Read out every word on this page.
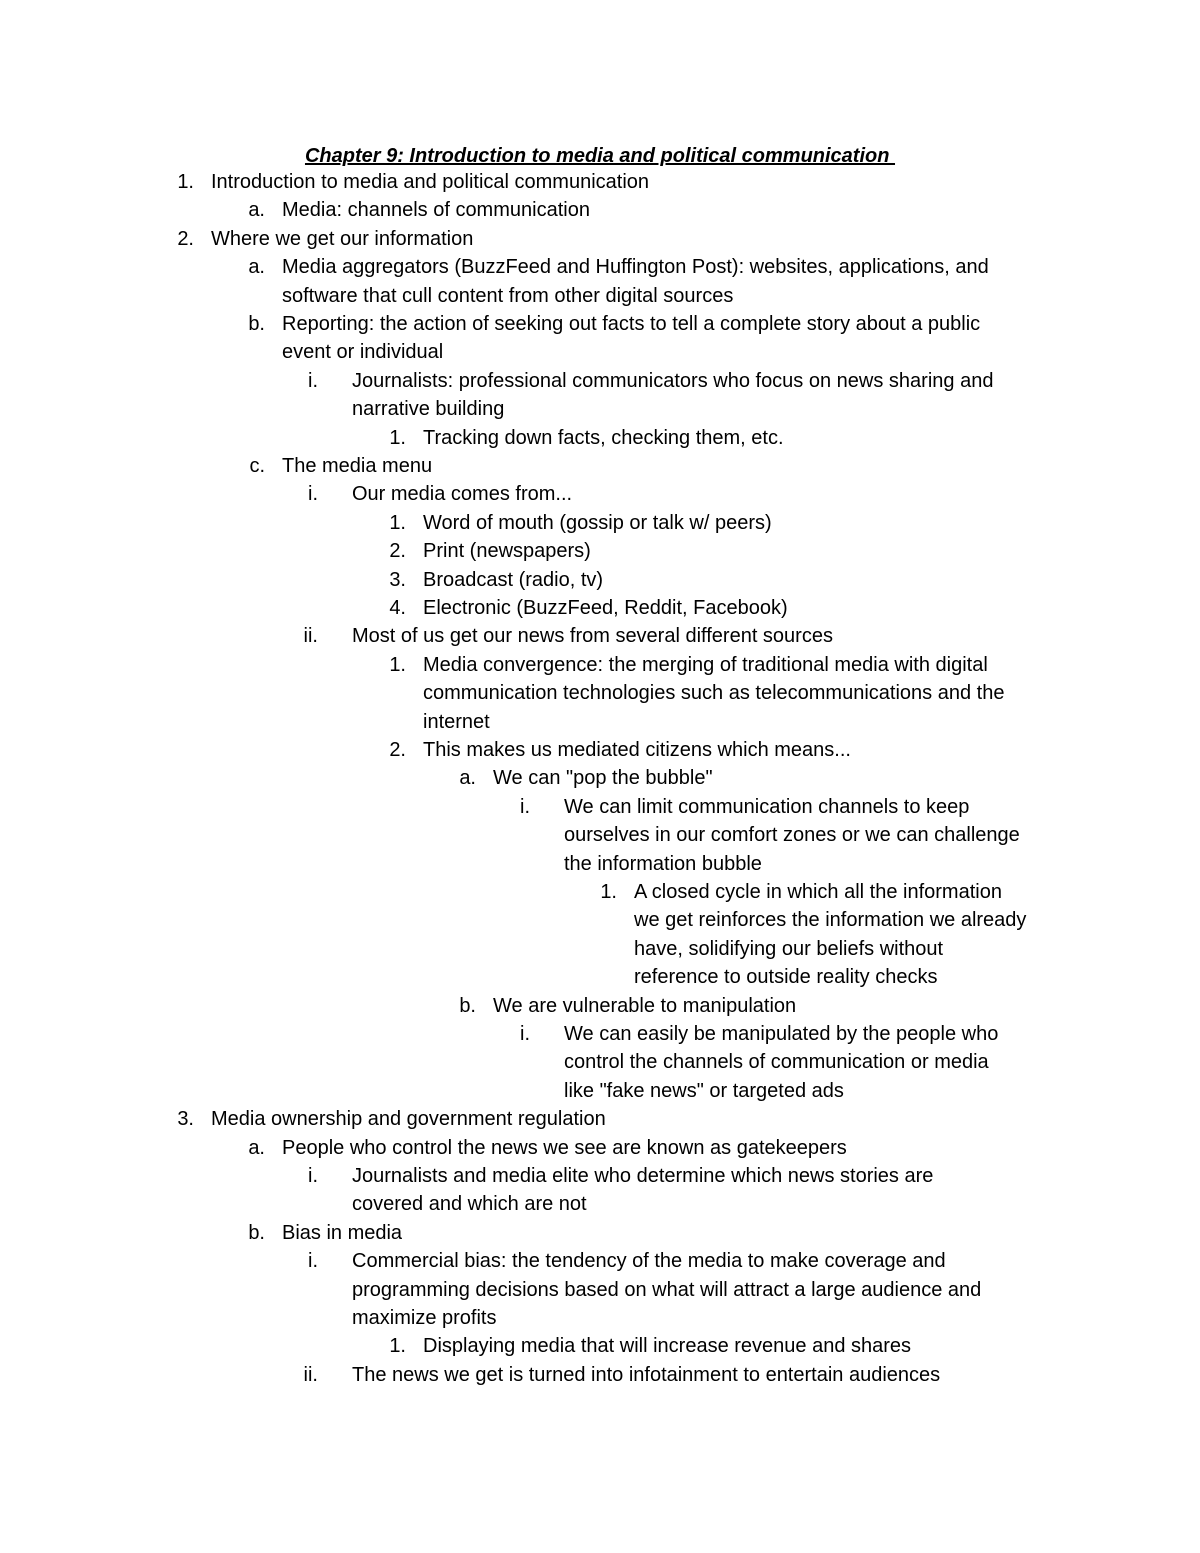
Chapter 9: Introduction to media and political communication
1. Introduction to media and political communication
a. Media: channels of communication
2. Where we get our information
a. Media aggregators (BuzzFeed and Huffington Post): websites, applications, and
software that cull content from other digital sources
b. Reporting: the action of seeking out facts to tell a complete story about a public
event or individual
i. Journalists: professional communicators who focus on news sharing and
narrative building
1. Tracking down facts, checking them, etc.
c. The media menu
i. Our media comes from...
1. Word of mouth (gossip or talk w/ peers)
2. Print (newspapers)
3. Broadcast (radio, tv)
4. Electronic (BuzzFeed, Reddit, Facebook)
ii. Most of us get our news from several different sources
1. Media convergence: the merging of traditional media with digital
communication technologies such as telecommunications and the
internet
2. This makes us mediated citizens which means...
a. We can "pop the bubble"
i. We can limit communication channels to keep
ourselves in our comfort zones or we can challenge
the information bubble
1. A closed cycle in which all the information
we get reinforces the information we already
have, solidifying our beliefs without
reference to outside reality checks
b. We are vulnerable to manipulation
i. We can easily be manipulated by the people who
control the channels of communication or media
like "fake news" or targeted ads
3. Media ownership and government regulation
a. People who control the news we see are known as gatekeepers
i. Journalists and media elite who determine which news stories are
covered and which are not
b. Bias in media
i. Commercial bias: the tendency of the media to make coverage and
programming decisions based on what will attract a large audience and
maximize profits
1. Displaying media that will increase revenue and shares
ii. The news we get is turned into infotainment to entertain audiences
